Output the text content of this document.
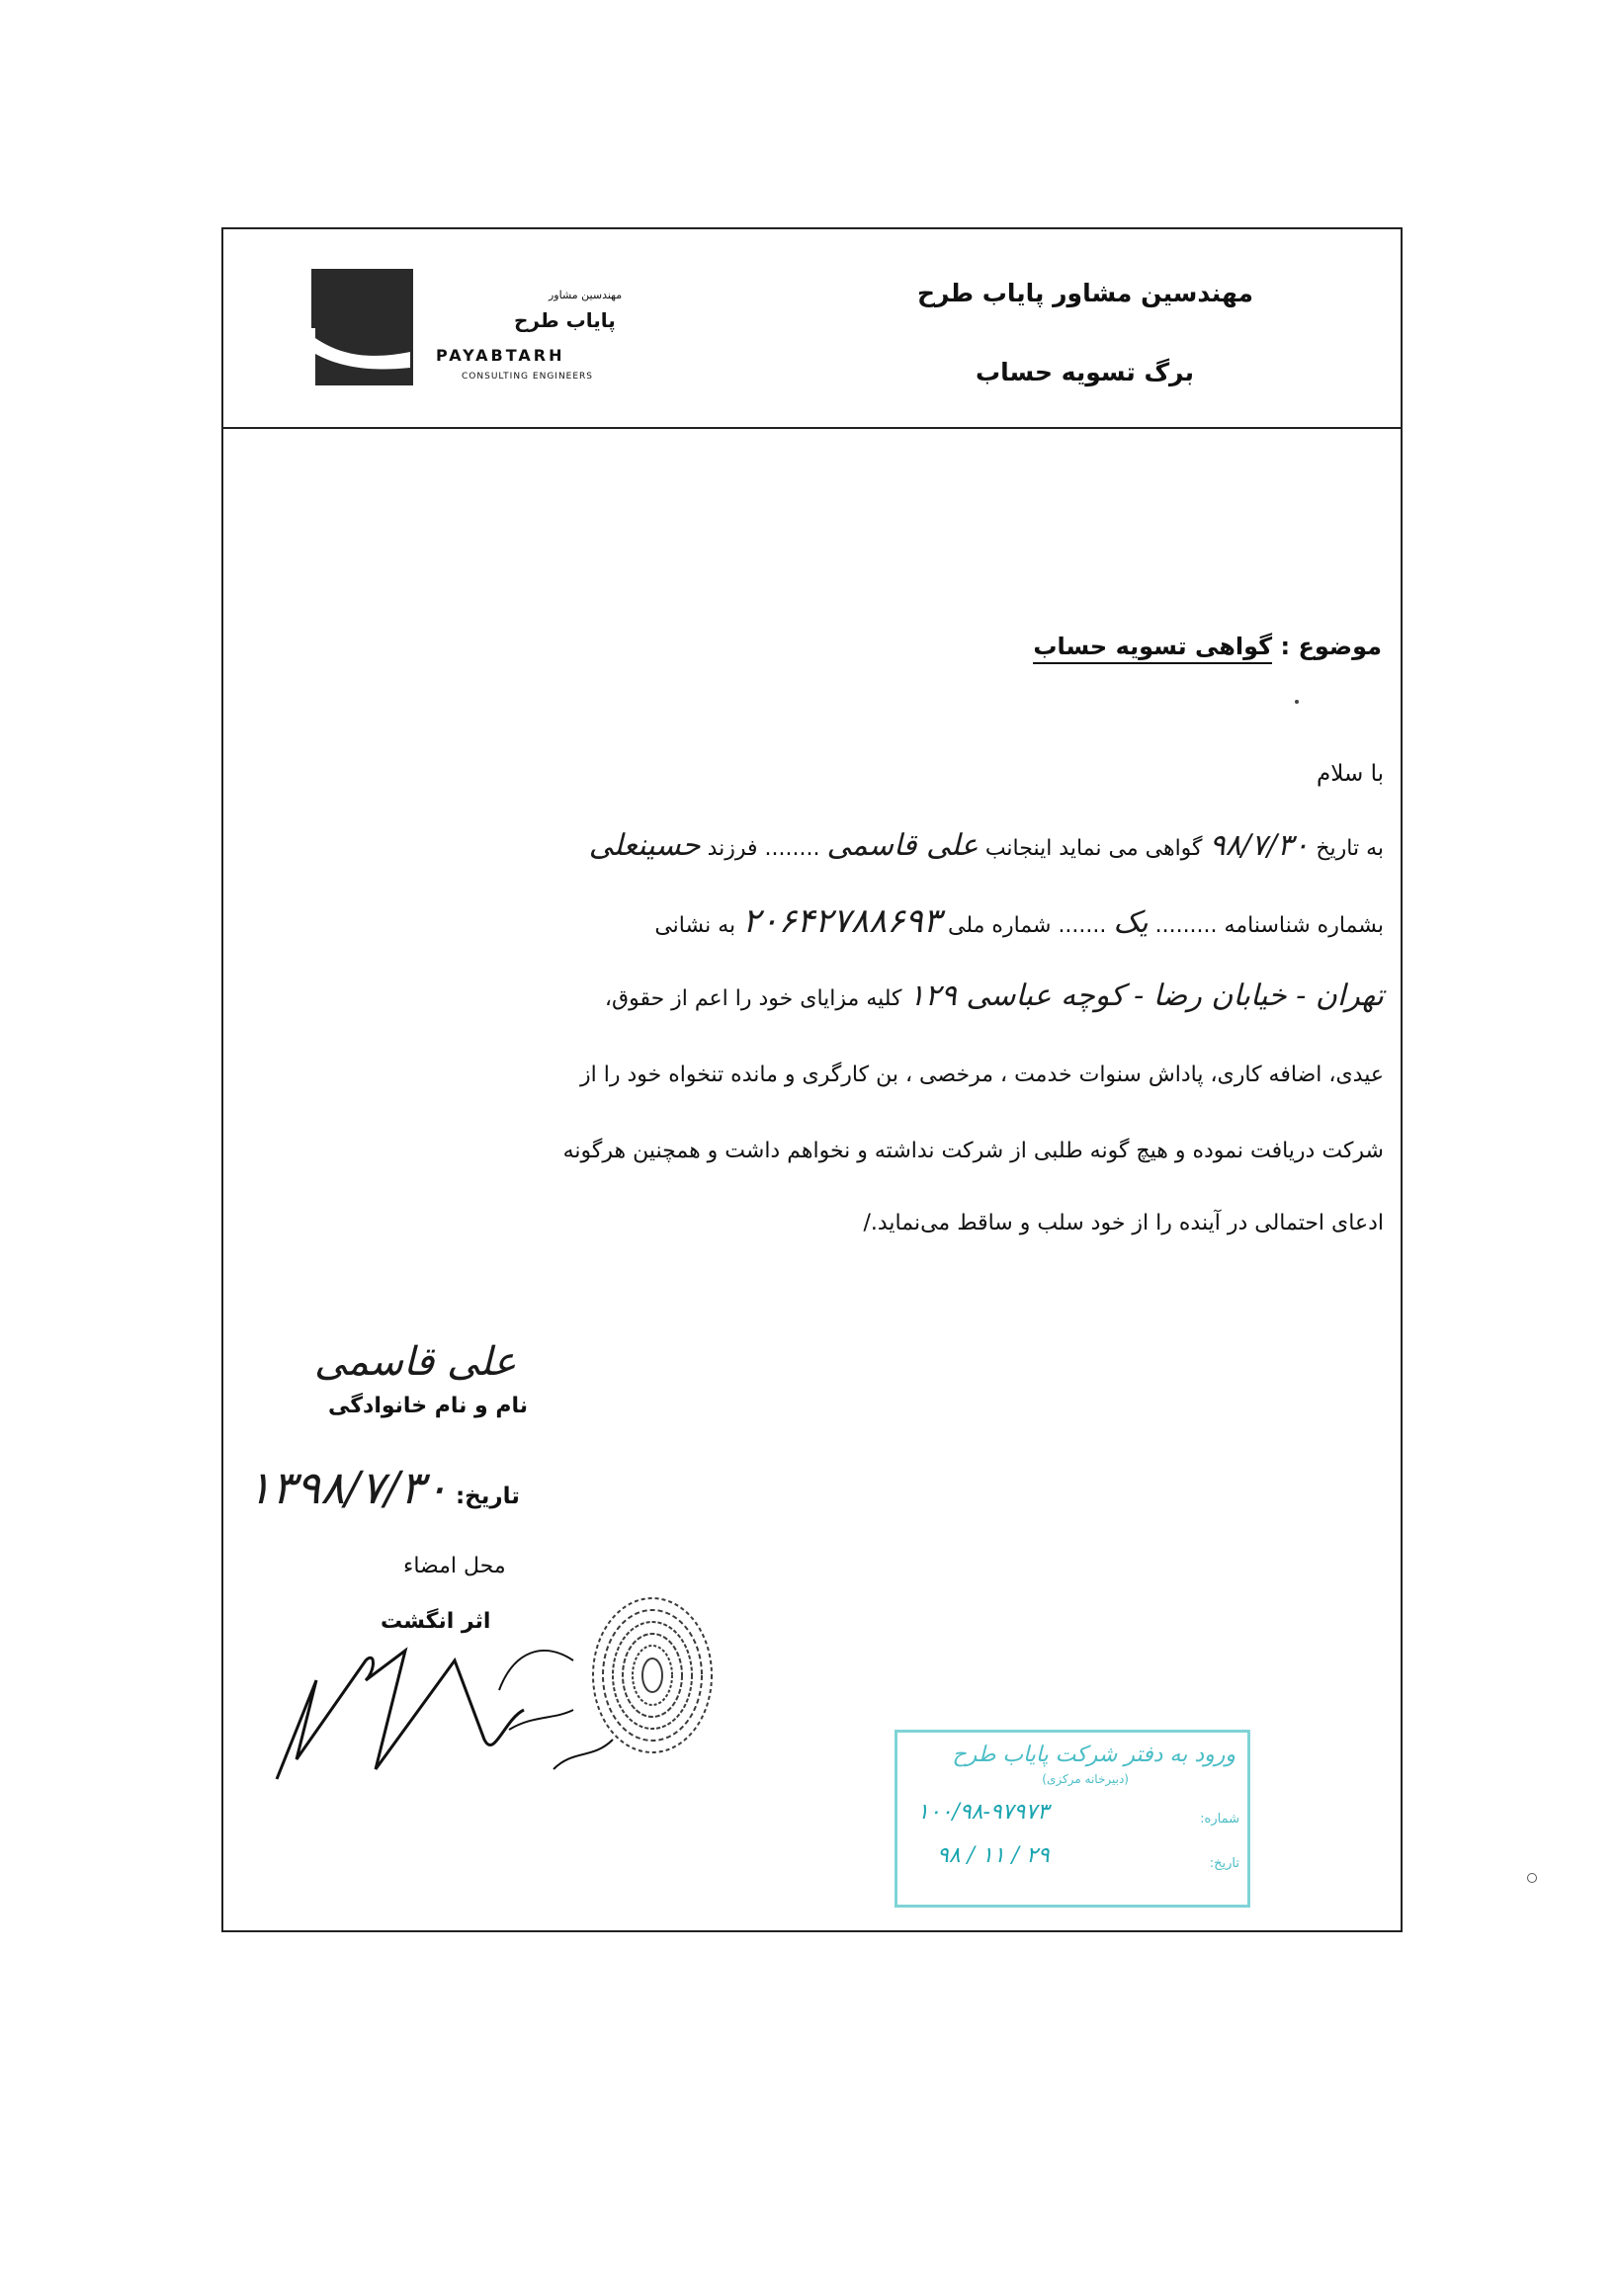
مهندسین مشاور پایاب طرح
برگ تسویه حساب
مهندسین مشاور
پایاب طرح
PAYABTARH
CONSULTING ENGINEERS
موضوع : گواهی تسویه حساب
با سلام
به تاریخ ۹۸/۷/۳۰ گواهی می نماید اینجانب علی قاسمی ........ فرزند حسینعلی
بشماره شناسنامه ......... یک ....... شماره ملی ۲۰۶۴۲۷۸۸۶۹۳ به نشانی
تهران - خیابان رضا - کوچه عباسی ۱۲۹ کلیه مزایای خود را اعم از حقوق،
عیدی، اضافه کاری، پاداش سنوات خدمت ، مرخصی ، بن کارگری و مانده تنخواه خود را از
شرکت دریافت نموده و هیچ گونه طلبی از شرکت نداشته و نخواهم داشت و همچنین هرگونه
ادعای احتمالی در آینده را از خود سلب و ساقط می‌نماید./
علی قاسمی
نام و نام خانوادگی
۱۳۹۸/۷/۳۰ تاریخ:
محل امضاء
اثر انگشت
ورود به دفتر شرکت پایاب طرح
(دبیرخانه مرکزی)
شماره:
۱۰۰/۹۸-۹۷۹۷۳
تاریخ:
۹۸ / ۱۱ / ۲۹
